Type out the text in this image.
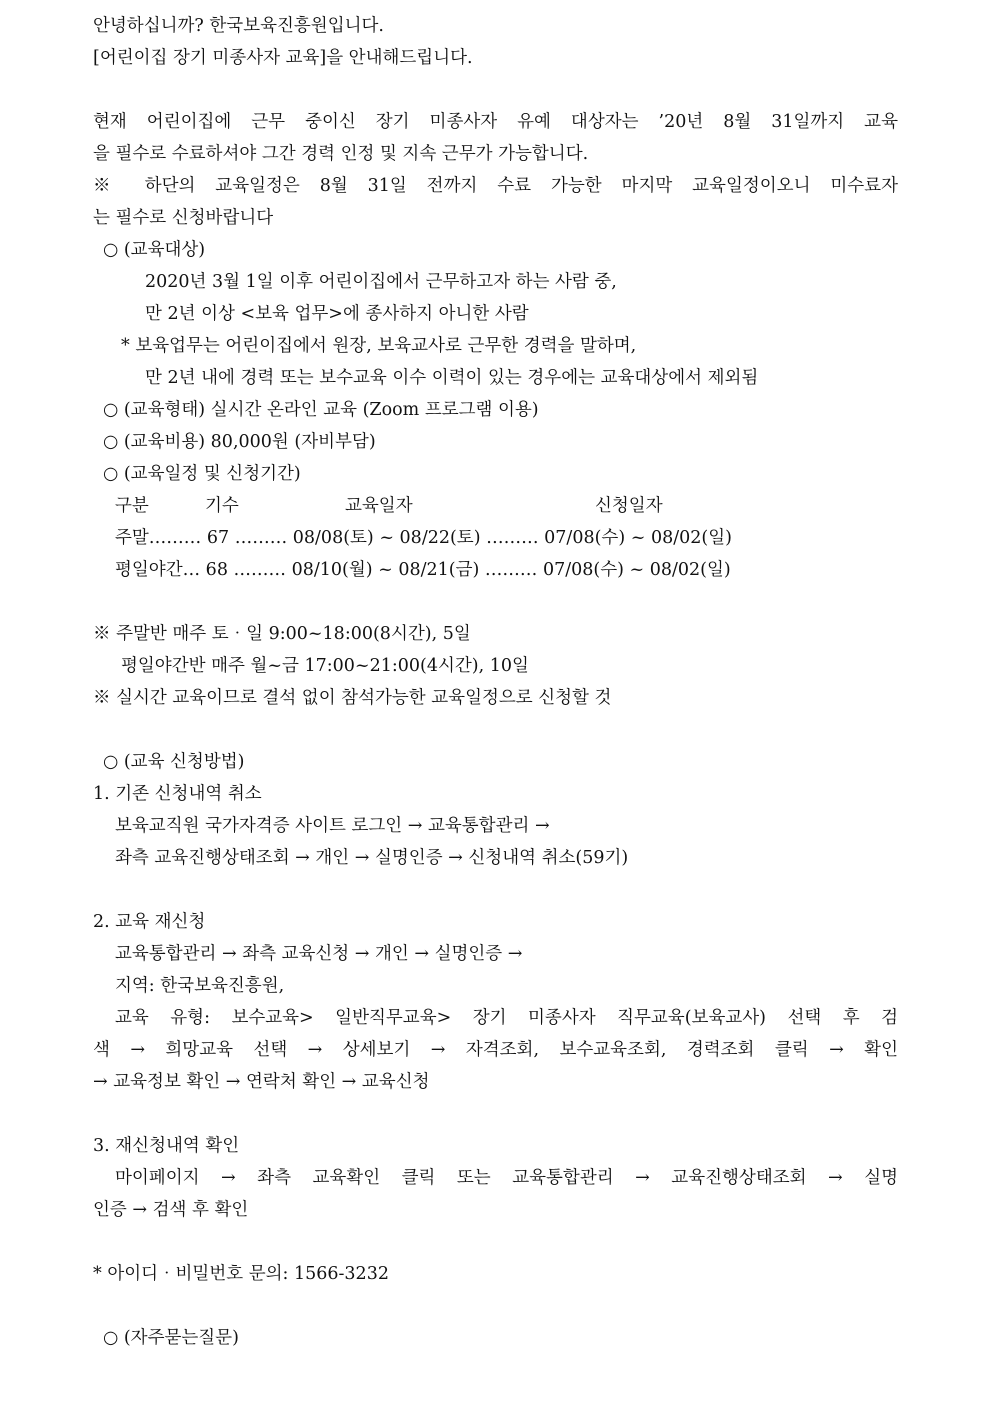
안녕하십니까? 한국보육진흥원입니다.
[어린이집 장기 미종사자 교육]을 안내해드립니다.
현재 어린이집에 근무 중이신 장기 미종사자 유예 대상자는 ’20년 8월 31일까지 교육
을 필수로 수료하셔야 그간 경력 인정 및 지속 근무가 가능합니다.
※ 하단의 교육일정은 8월 31일 전까지 수료 가능한 마지막 교육일정이오니 미수료자
는 필수로 신청바랍니다
○ (교육대상)
2020년 3월 1일 이후 어린이집에서 근무하고자 하는 사람 중,
만 2년 이상 <보육 업무>에 종사하지 아니한 사람
* 보육업무는 어린이집에서 원장, 보육교사로 근무한 경력을 말하며,
만 2년 내에 경력 또는 보수교육 이수 이력이 있는 경우에는 교육대상에서 제외됨
○ (교육형태) 실시간 온라인 교육 (Zoom 프로그램 이용)
○ (교육비용) 80,000원 (자비부담)
○ (교육일정 및 신청기간)
구분	기수	교육일자	신청일자
주말……… 67 ……… 08/08(토) ~ 08/22(토) ……… 07/08(수) ~ 08/02(일)
평일야간… 68 ……… 08/10(월) ~ 08/21(금) ……… 07/08(수) ~ 08/02(일)
※ 주말반 매주 토‧일 9:00~18:00(8시간), 5일
평일야간반 매주 월~금 17:00~21:00(4시간), 10일
※ 실시간 교육이므로 결석 없이 참석가능한 교육일정으로 신청할 것
○ (교육 신청방법)
1. 기존 신청내역 취소
보육교직원 국가자격증 사이트 로그인 → 교육통합관리 →
좌측 교육진행상태조회 → 개인 → 실명인증 → 신청내역 취소(59기)
2. 교육 재신청
교육통합관리 → 좌측 교육신청 → 개인 → 실명인증 →
지역: 한국보육진흥원,
교육 유형: 보수교육> 일반직무교육> 장기 미종사자 직무교육(보육교사) 선택 후 검
색 → 희망교육 선택 → 상세보기 → 자격조회, 보수교육조회, 경력조회 클릭 → 확인
→ 교육정보 확인 → 연락처 확인 → 교육신청
3. 재신청내역 확인
마이페이지 → 좌측 교육확인 클릭 또는 교육통합관리 → 교육진행상태조회 → 실명
인증 → 검색 후 확인
* 아이디‧비밀번호 문의: 1566-3232
○ (자주묻는질문)
